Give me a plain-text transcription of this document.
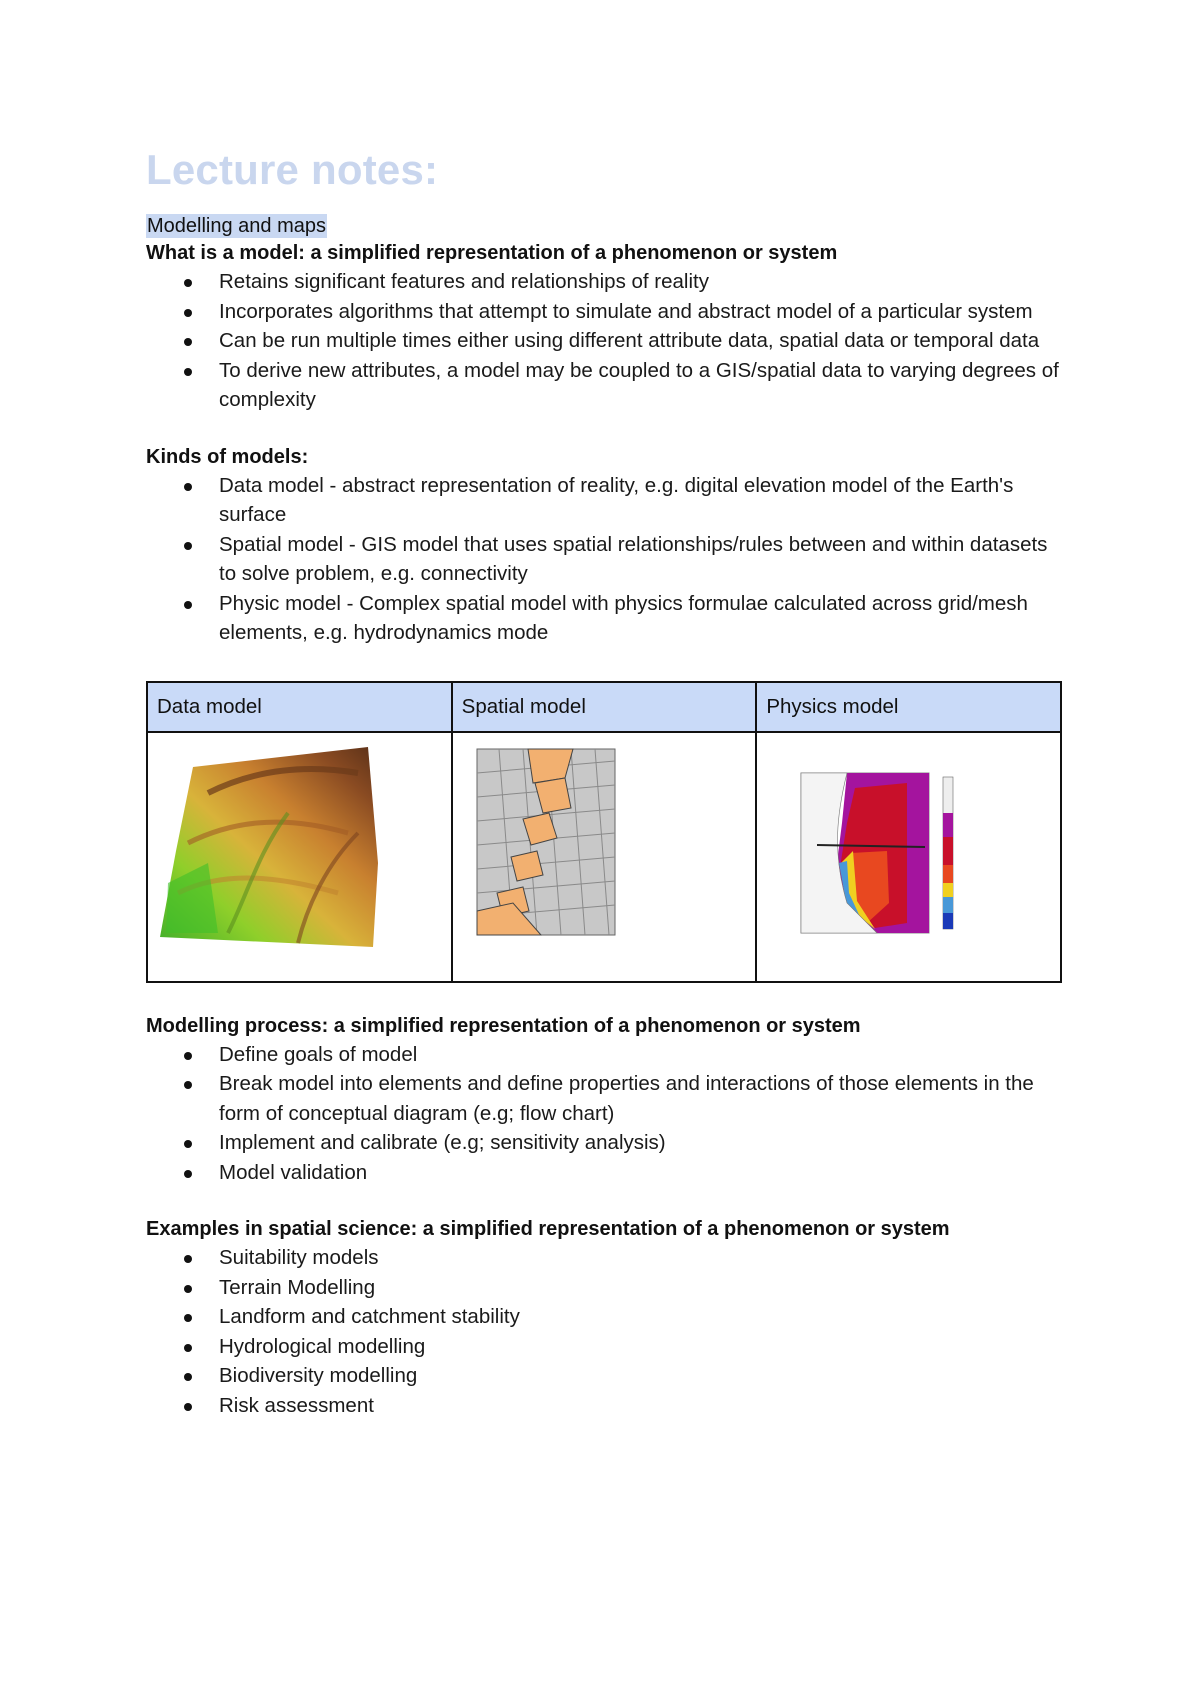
Lecture notes:
Modelling and maps
What is a model: a simplified representation of a phenomenon or system
Retains significant features and relationships of reality
Incorporates algorithms that attempt to simulate and abstract model of a particular system
Can be run multiple times either using different attribute data, spatial data or temporal data
To derive new attributes, a model may be coupled to a GIS/spatial data to varying degrees of complexity
Kinds of models:
Data model - abstract representation of reality, e.g. digital elevation model of the Earth's surface
Spatial model - GIS model that uses spatial relationships/rules between and within datasets to solve problem, e.g. connectivity
Physic model - Complex spatial model with physics formulae calculated across grid/mesh elements, e.g. hydrodynamics mode
Data model	Spatial model	Physics model

Modelling process: a simplified representation of a phenomenon or system
Define goals of model
Break model into elements and define properties and interactions of those elements in the form of conceptual diagram (e.g; flow chart)
Implement and calibrate (e.g; sensitivity analysis)
Model validation
Examples in spatial science: a simplified representation of a phenomenon or system
Suitability models
Terrain Modelling
Landform and catchment stability
Hydrological modelling
Biodiversity modelling
Risk assessment
